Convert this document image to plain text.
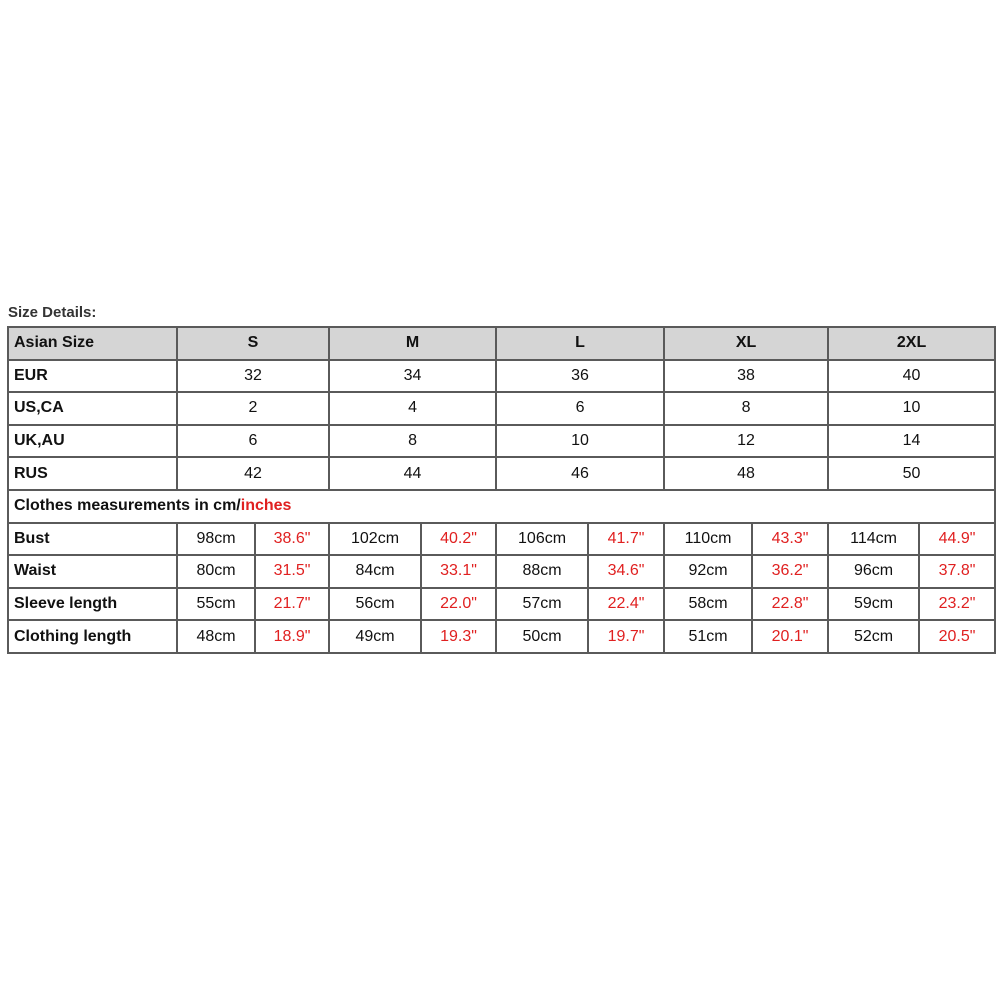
Size Details:
Asian Size	S		M		L		XL		2XL	
EUR	32		34		36		38		40	
US,CA	2		4		6		8		10	
UK,AU	6		8		10		12		14	
RUS	42		44		46		48		50	
Clothes measurements in cm/inches										
Bust	98cm	38.6"	102cm	40.2"	106cm	41.7"	110cm	43.3"	114cm	44.9"
Waist	80cm	31.5"	84cm	33.1"	88cm	34.6"	92cm	36.2"	96cm	37.8"
Sleeve length	55cm	21.7"	56cm	22.0"	57cm	22.4"	58cm	22.8"	59cm	23.2"
Clothing length	48cm	18.9"	49cm	19.3"	50cm	19.7"	51cm	20.1"	52cm	20.5"
